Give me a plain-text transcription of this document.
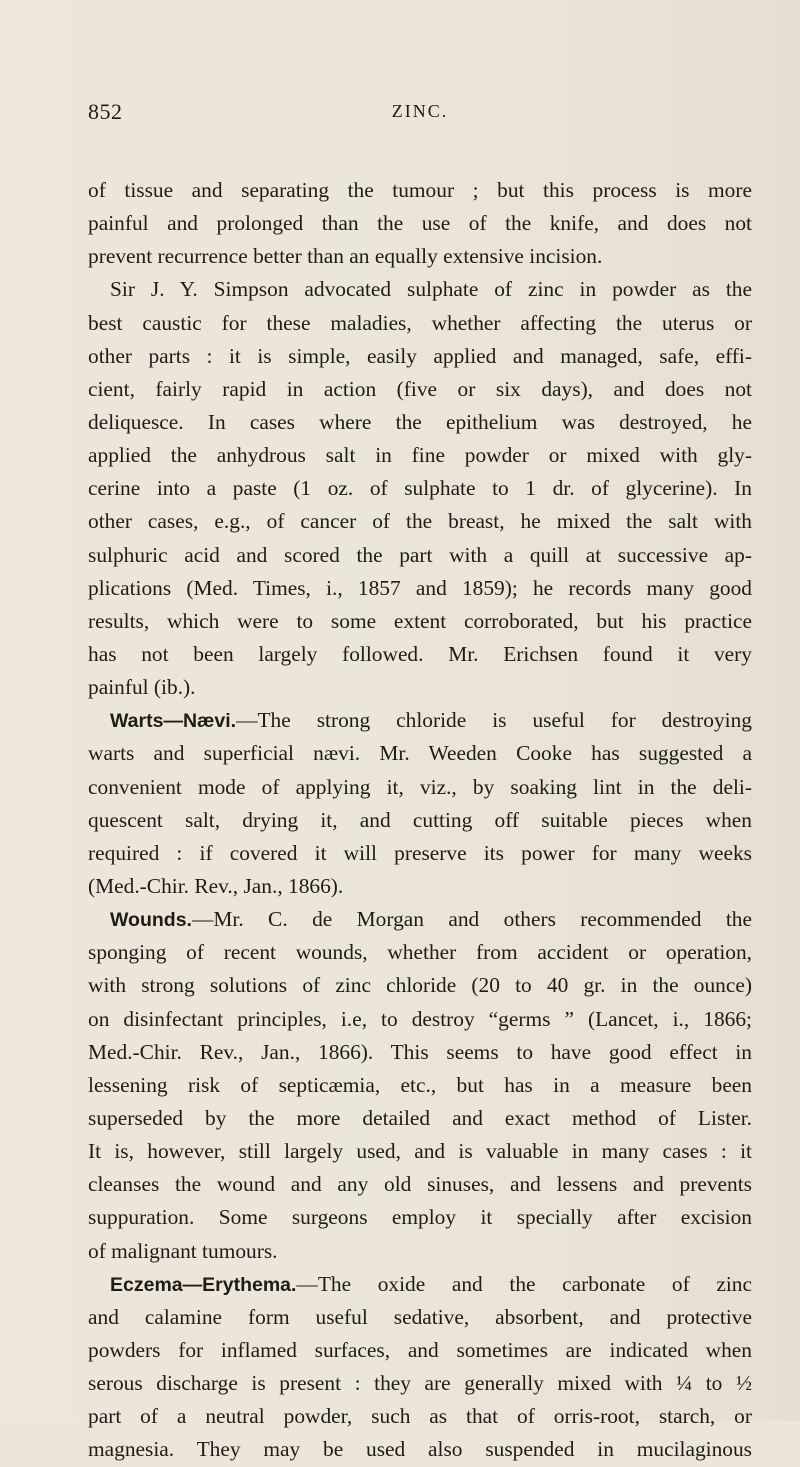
852	ZINC.
of tissue and separating the tumour ; but this process is more
painful and prolonged than the use of the knife, and does not
prevent recurrence better than an equally extensive incision.
Sir J. Y. Simpson advocated sulphate of zinc in powder as the
best caustic for these maladies, whether affecting the uterus or
other parts : it is simple, easily applied and managed, safe, effi-
cient, fairly rapid in action (five or six days), and does not
deliquesce. In cases where the epithelium was destroyed, he
applied the anhydrous salt in fine powder or mixed with gly-
cerine into a paste (1 oz. of sulphate to 1 dr. of glycerine). In
other cases, e.g., of cancer of the breast, he mixed the salt with
sulphuric acid and scored the part with a quill at successive ap-
plications (Med. Times, i., 1857 and 1859); he records many good
results, which were to some extent corroborated, but his practice
has not been largely followed. Mr. Erichsen found it very
painful (ib.).
Warts—Nævi.—The strong chloride is useful for destroying
warts and superficial nævi. Mr. Weeden Cooke has suggested a
convenient mode of applying it, viz., by soaking lint in the deli-
quescent salt, drying it, and cutting off suitable pieces when
required : if covered it will preserve its power for many weeks
(Med.-Chir. Rev., Jan., 1866).
Wounds.—Mr. C. de Morgan and others recommended the
sponging of recent wounds, whether from accident or operation,
with strong solutions of zinc chloride (20 to 40 gr. in the ounce)
on disinfectant principles, i.e, to destroy “germs ” (Lancet, i., 1866;
Med.-Chir. Rev., Jan., 1866). This seems to have good effect in
lessening risk of septicæmia, etc., but has in a measure been
superseded by the more detailed and exact method of Lister.
It is, however, still largely used, and is valuable in many cases : it
cleanses the wound and any old sinuses, and lessens and prevents
suppuration. Some surgeons employ it specially after excision
of malignant tumours.
Eczema—Erythema.—The oxide and the carbonate of zinc
and calamine form useful sedative, absorbent, and protective
powders for inflamed surfaces, and sometimes are indicated when
serous discharge is present : they are generally mixed with ¼ to ½
part of a neutral powder, such as that of orris-root, starch, or
magnesia. They may be used also suspended in mucilaginous
